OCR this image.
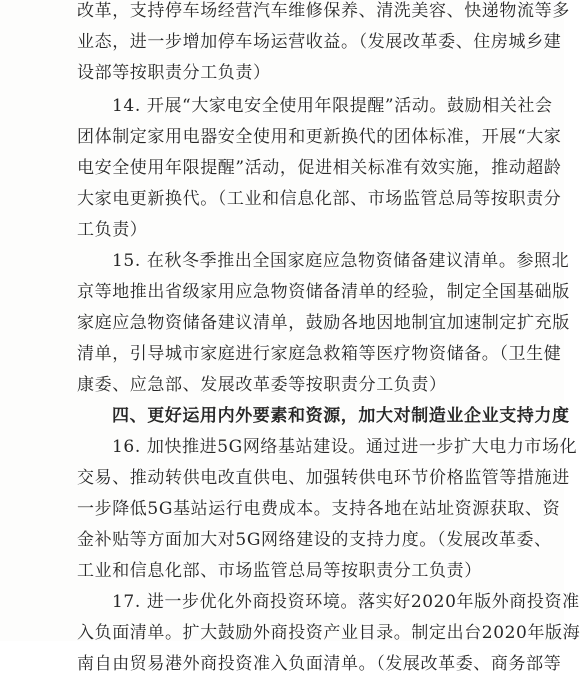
改革，支持停车场经营汽车维修保养、清洗美容、快递物流等多
业态，进一步增加停车场运营收益。（发展改革委、住房城乡建
设部等按职责分工负责）
14. 开展“大家电安全使用年限提醒”活动。鼓励相关社会
团体制定家用电器安全使用和更新换代的团体标准，开展“大家
电安全使用年限提醒”活动，促进相关标准有效实施，推动超龄
大家电更新换代。（工业和信息化部、市场监管总局等按职责分
工负责）
15. 在秋冬季推出全国家庭应急物资储备建议清单。参照北
京等地推出省级家用应急物资储备清单的经验，制定全国基础版
家庭应急物资储备建议清单，鼓励各地因地制宜加速制定扩充版
清单，引导城市家庭进行家庭急救箱等医疗物资储备。（卫生健
康委、应急部、发展改革委等按职责分工负责）
四、更好运用内外要素和资源，加大对制造业企业支持力度
16. 加快推进5G网络基站建设。通过进一步扩大电力市场化
交易、推动转供电改直供电、加强转供电环节价格监管等措施进
一步降低5G基站运行电费成本。支持各地在站址资源获取、资
金补贴等方面加大对5G网络建设的支持力度。（发展改革委、
工业和信息化部、市场监管总局等按职责分工负责）
17. 进一步优化外商投资环境。落实好2020年版外商投资准
入负面清单。扩大鼓励外商投资产业目录。制定出台2020年版海
南自由贸易港外商投资准入负面清单。（发展改革委、商务部等
